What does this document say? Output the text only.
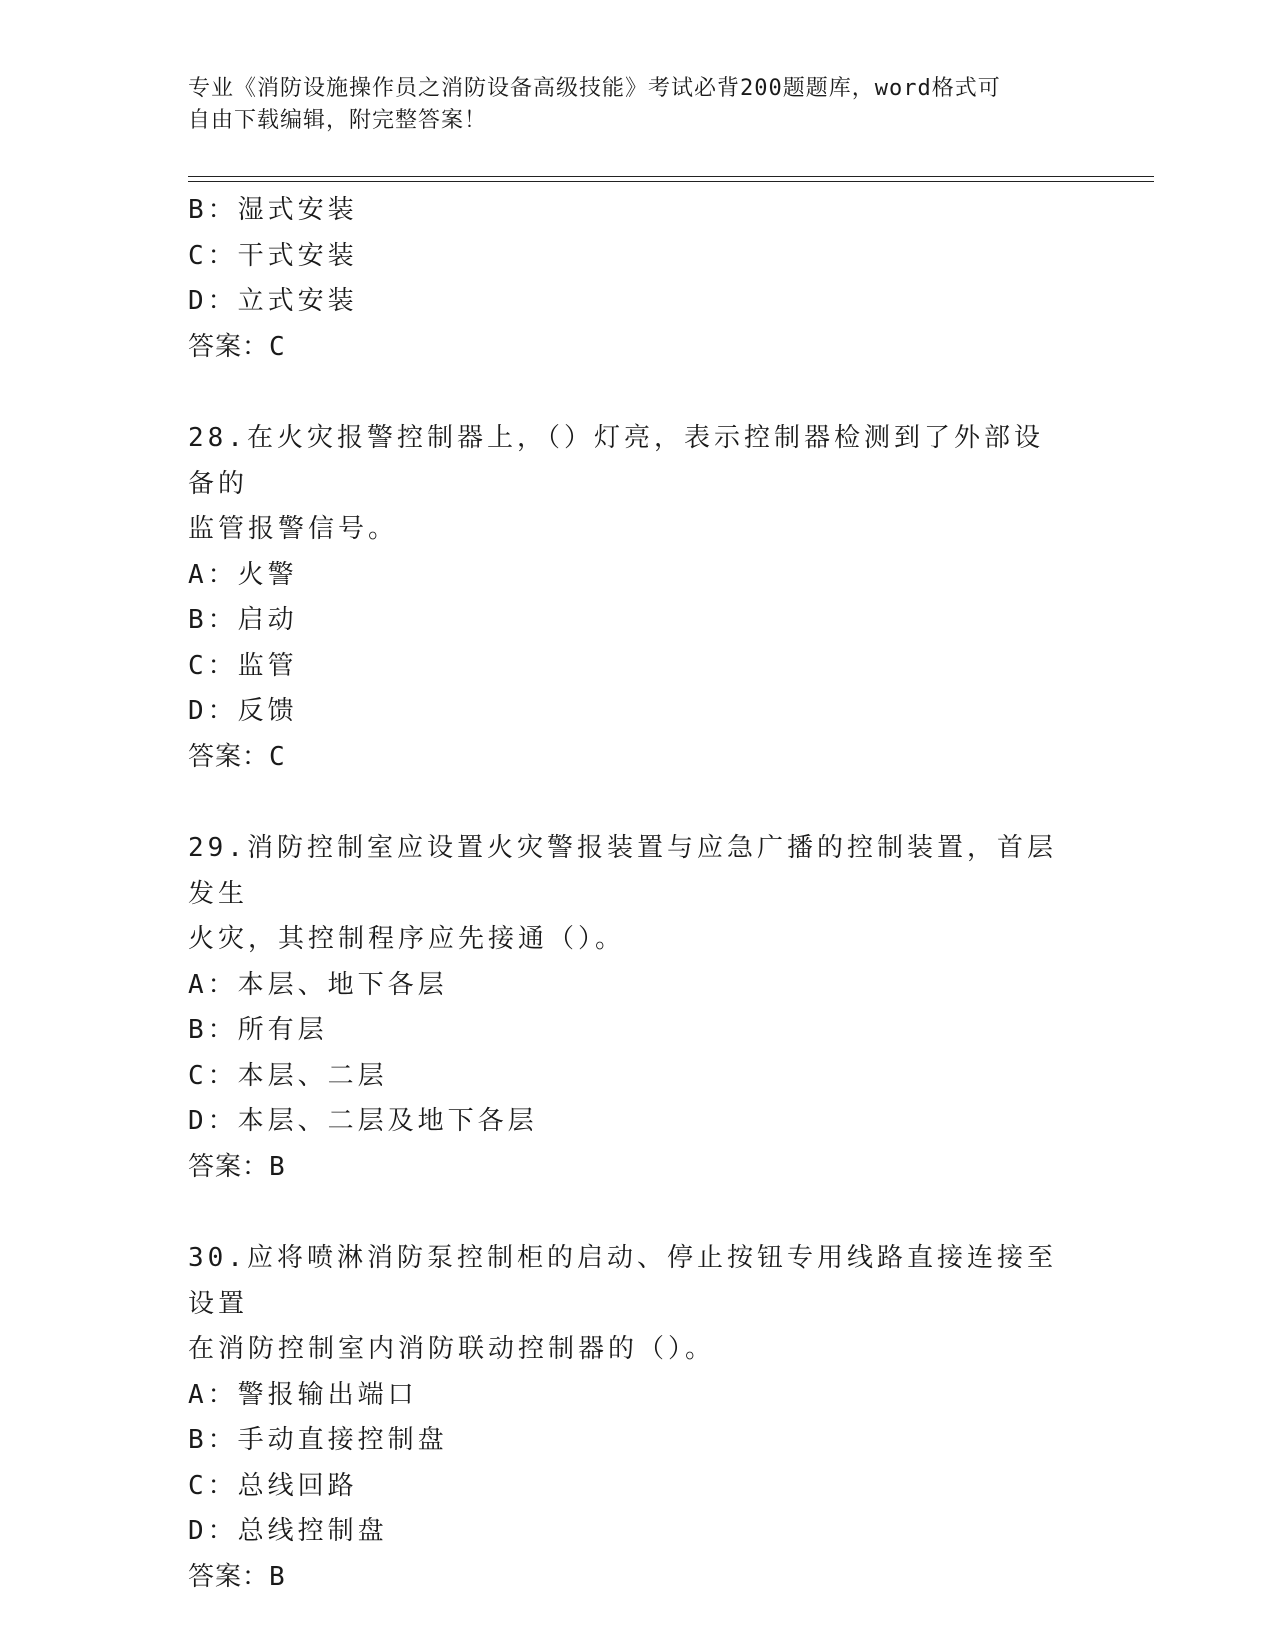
专业《消防设施操作员之消防设备高级技能》考试必背200题题库，word格式可
自由下载编辑，附完整答案！
B：湿式安装
C：干式安装
D：立式安装
答案：C
28.在火灾报警控制器上，（）灯亮，表示控制器检测到了外部设备的
监管报警信号。
A：火警
B：启动
C：监管
D：反馈
答案：C
29.消防控制室应设置火灾警报装置与应急广播的控制装置，首层发生
火灾，其控制程序应先接通（）。
A：本层、地下各层
B：所有层
C：本层、二层
D：本层、二层及地下各层
答案：B
30.应将喷淋消防泵控制柜的启动、停止按钮专用线路直接连接至设置
在消防控制室内消防联动控制器的（）。
A：警报输出端口
B：手动直接控制盘
C：总线回路
D：总线控制盘
答案：B
